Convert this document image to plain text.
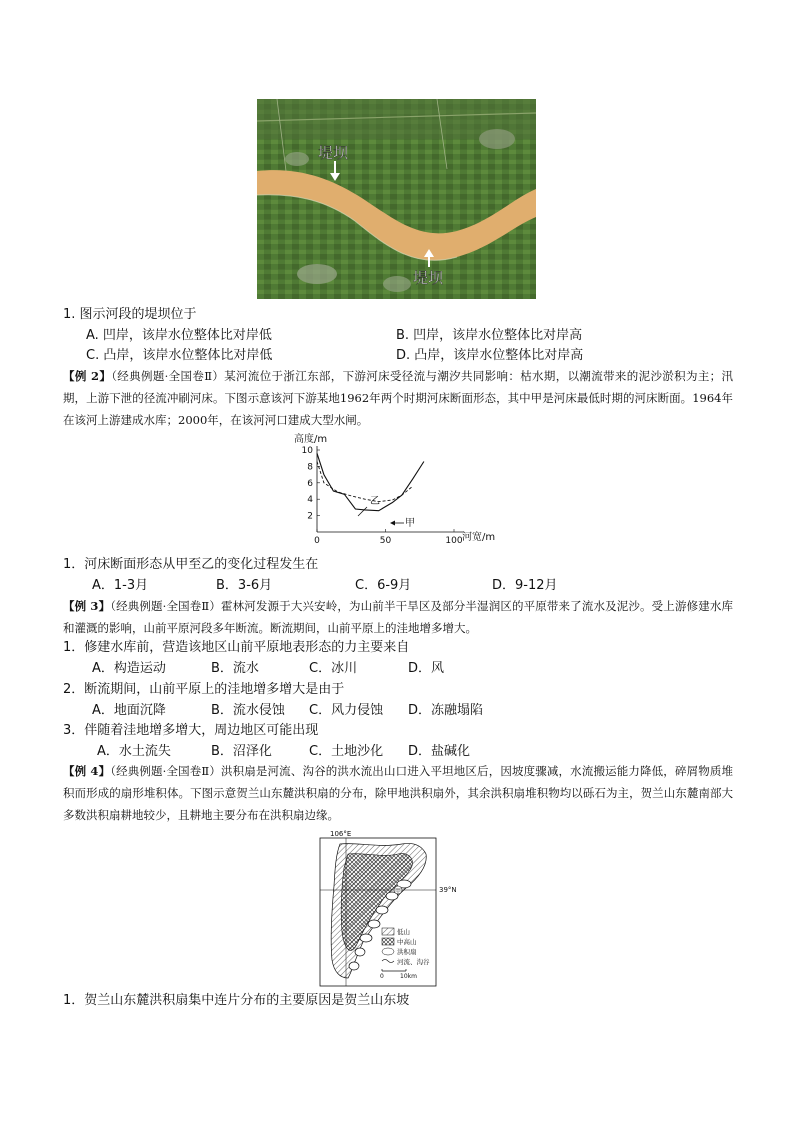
堤坝
堤坝
1. 图示河段的堤坝位于
A. 凹岸，该岸水位整体比对岸低	B. 凹岸，该岸水位整体比对岸高
C. 凸岸，该岸水位整体比对岸低	D. 凸岸，该岸水位整体比对岸高
【例 2】（经典例题·全国卷Ⅱ）某河流位于浙江东部，下游河床受径流与潮汐共同影响：枯水期，以潮流带来的泥沙淤积为主；汛期，上游下泄的径流冲刷河床。下图示意该河下游某地1962年两个时期河床断面形态，其中甲是河床最低时期的河床断面。1964年在该河上游建成水库；2000年，在该河河口建成大型水闸。
高度/m
河宽/m
10
8
6
4
2
0	50	100
乙
甲
1．河床断面形态从甲至乙的变化过程发生在
A．1-3月	B．3-6月	C．6-9月	D．9-12月
【例 3】（经典例题·全国卷Ⅱ）霍林河发源于大兴安岭，为山前半干旱区及部分半湿润区的平原带来了流水及泥沙。受上游修建水库和灌溉的影响，山前平原河段多年断流。断流期间，山前平原上的洼地增多增大。
1．修建水库前，营造该地区山前平原地表形态的力主要来自
A．构造运动	B．流水	C．冰川	D．风
2．断流期间，山前平原上的洼地增多增大是由于
A．地面沉降	B．流水侵蚀 C．风力侵蚀 D．冻融塌陷
3．伴随着洼地增多增大，周边地区可能出现
A．水土流失	B．沼泽化	C．土地沙化 D．盐碱化
【例 4】（经典例题·全国卷Ⅱ）洪积扇是河流、沟谷的洪水流出山口进入平坦地区后，因坡度骤减，水流搬运能力降低，碎屑物质堆积而形成的扇形堆积体。下图示意贺兰山东麓洪积扇的分布，除甲地洪积扇外，其余洪积扇堆积物均以砾石为主，贺兰山东麓南部大多数洪积扇耕地较少，且耕地主要分布在洪积扇边缘。
106°E
39°N
甲
低山
中高山
洪积扇
河流、沟谷
0	10km
1．贺兰山东麓洪积扇集中连片分布的主要原因是贺兰山东坡
